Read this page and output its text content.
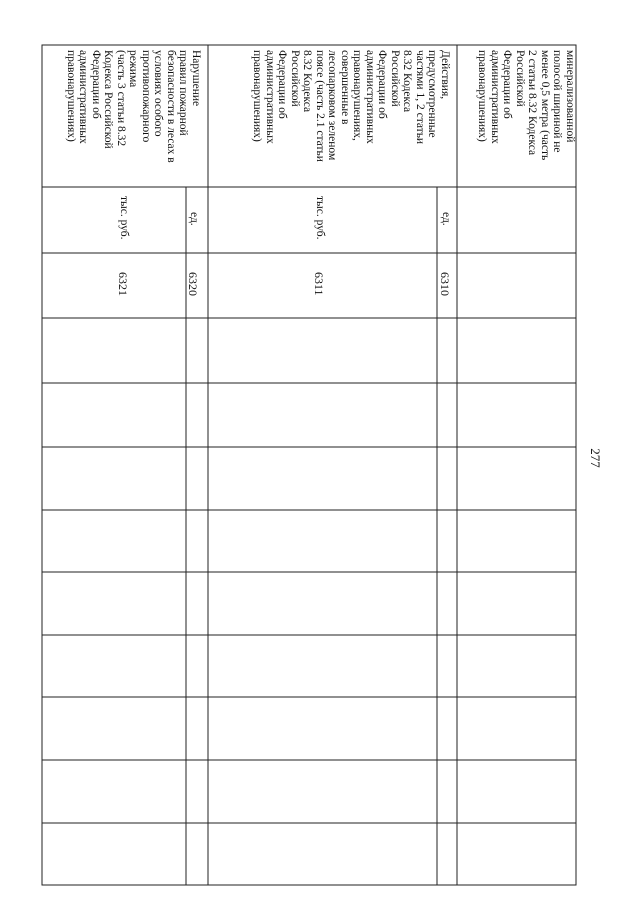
277
минерализованной
полосой шириной не
менее 0,5 метра (часть
2 статьи 8.32 Кодекса
Российской
Федерации об
административных
правонарушениях)
Действия,
предусмотренные
частями 1, 2 статьи
8.32 Кодекса
Российской
Федерации об
административных
правонарушениях,
совершенные в
лесопарковом зеленом
поясе (часть 2.1 статьи
8.32 Кодекса
Российской
Федерации об
административных
правонарушениях)
ед.
6310
тыс. руб.
6311
Нарушение
правил пожарной
безопасности в лесах в
условиях особого
противопожарного
режима
(часть 3 статьи 8.32
Кодекса Российской
Федерации об
административных
правонарушениях)
ед.
6320
тыс. руб.
6321
